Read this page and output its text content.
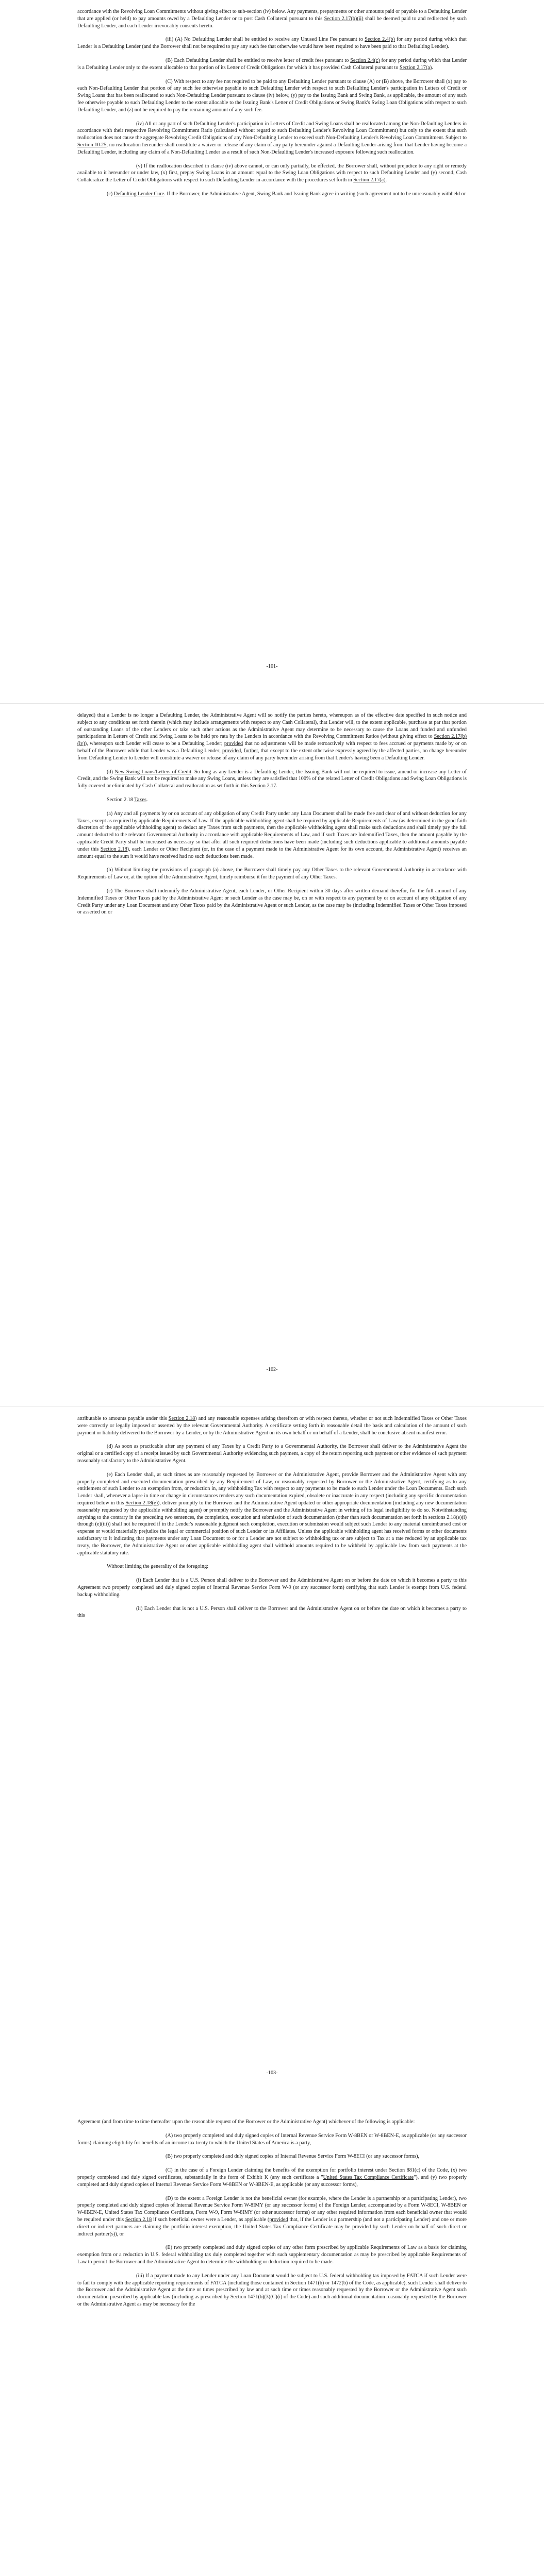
accordance with the Revolving Loan Commitments without giving effect to sub-section (iv) below. Any payments, prepayments or other amounts paid or payable to a Defaulting Lender that are applied (or held) to pay amounts owed by a Defaulting Lender or to post Cash Collateral pursuant to this Section 2.17(b)(ii) shall be deemed paid to and redirected by such Defaulting Lender, and each Lender irrevocably consents hereto.

(iii) (A) No Defaulting Lender shall be entitled to receive any Unused Line Fee pursuant to Section 2.4(b) for any period during which that Lender is a Defaulting Lender (and the Borrower shall not be required to pay any such fee that otherwise would have been required to have been paid to that Defaulting Lender).

(B) Each Defaulting Lender shall be entitled to receive letter of credit fees pursuant to Section 2.4(c) for any period during which that Lender is a Defaulting Lender only to the extent allocable to that portion of its Letter of Credit Obligations for which it has provided Cash Collateral pursuant to Section 2.17(a).

(C) With respect to any fee not required to be paid to any Defaulting Lender pursuant to clause (A) or (B) above, the Borrower shall (x) pay to each Non-Defaulting Lender that portion of any such fee otherwise payable to such Defaulting Lender with respect to such Defaulting Lender's participation in Letters of Credit or Swing Loans that has been reallocated to such Non-Defaulting Lender pursuant to clause (iv) below, (y) pay to the Issuing Bank and Swing Bank, as applicable, the amount of any such fee otherwise payable to such Defaulting Lender to the extent allocable to the Issuing Bank's Letter of Credit Obligations or Swing Bank's Swing Loan Obligations with respect to such Defaulting Lender, and (z) not be required to pay the remaining amount of any such fee.

(iv) All or any part of such Defaulting Lender's participation in Letters of Credit and Swing Loans shall be reallocated among the Non-Defaulting Lenders in accordance with their respective Revolving Commitment Ratio (calculated without regard to such Defaulting Lender's Revolving Loan Commitment) but only to the extent that such reallocation does not cause the aggregate Revolving Credit Obligations of any Non-Defaulting Lender to exceed such Non-Defaulting Lender's Revolving Loan Commitment. Subject to Section 10.25, no reallocation hereunder shall constitute a waiver or release of any claim of any party hereunder against a Defaulting Lender arising from that Lender having become a Defaulting Lender, including any claim of a Non-Defaulting Lender as a result of such Non-Defaulting Lender's increased exposure following such reallocation.

(v) If the reallocation described in clause (iv) above cannot, or can only partially, be effected, the Borrower shall, without prejudice to any right or remedy available to it hereunder or under law, (x) first, prepay Swing Loans in an amount equal to the Swing Loan Obligations with respect to such Defaulting Lender and (y) second, Cash Collateralize the Letter of Credit Obligations with respect to such Defaulting Lender in accordance with the procedures set forth in Section 2.17(a).

(c) Defaulting Lender Cure. If the Borrower, the Administrative Agent, Swing Bank and Issuing Bank agree in writing (such agreement not to be unreasonably withheld or

-101-

delayed) that a Lender is no longer a Defaulting Lender, the Administrative Agent will so notify the parties hereto, whereupon as of the effective date specified in such notice and subject to any conditions set forth therein (which may include arrangements with respect to any Cash Collateral), that Lender will, to the extent applicable, purchase at par that portion of outstanding Loans of the other Lenders or take such other actions as the Administrative Agent may determine to be necessary to cause the Loans and funded and unfunded participations in Letters of Credit and Swing Loans to be held pro rata by the Lenders in accordance with the Revolving Commitment Ratios (without giving effect to Section 2.17(b)(iv)), whereupon such Lender will cease to be a Defaulting Lender; provided that no adjustments will be made retroactively with respect to fees accrued or payments made by or on behalf of the Borrower while that Lender was a Defaulting Lender; provided, further, that except to the extent otherwise expressly agreed by the affected parties, no change hereunder from Defaulting Lender to Lender will constitute a waiver or release of any claim of any party hereunder arising from that Lender's having been a Defaulting Lender.

(d) New Swing Loans/Letters of Credit. So long as any Lender is a Defaulting Lender, the Issuing Bank will not be required to issue, amend or increase any Letter of Credit, and the Swing Bank will not be required to make any Swing Loans, unless they are satisfied that 100% of the related Letter of Credit Obligations and Swing Loan Obligations is fully covered or eliminated by Cash Collateral and reallocation as set forth in this Section 2.17.

Section 2.18 Taxes.

(a) Any and all payments by or on account of any obligation of any Credit Party under any Loan Document shall be made free and clear of and without deduction for any Taxes, except as required by applicable Requirements of Law. If the applicable withholding agent shall be required by applicable Requirements of Law (as determined in the good faith discretion of the applicable withholding agent) to deduct any Taxes from such payments, then the applicable withholding agent shall make such deductions and shall timely pay the full amount deducted to the relevant Governmental Authority in accordance with applicable Requirements of Law, and if such Taxes are Indemnified Taxes, then the amount payable by the applicable Credit Party shall be increased as necessary so that after all such required deductions have been made (including such deductions applicable to additional amounts payable under this Section 2.18), each Lender or Other Recipient (or, in the case of a payment made to the Administrative Agent for its own account, the Administrative Agent) receives an amount equal to the sum it would have received had no such deductions been made.

(b) Without limiting the provisions of paragraph (a) above, the Borrower shall timely pay any Other Taxes to the relevant Governmental Authority in accordance with Requirements of Law or, at the option of the Administrative Agent, timely reimburse it for the payment of any Other Taxes.

(c) The Borrower shall indemnify the Administrative Agent, each Lender, or Other Recipient within 30 days after written demand therefor, for the full amount of any Indemnified Taxes or Other Taxes paid by the Administrative Agent or such Lender as the case may be, on or with respect to any payment by or on account of any obligation of any Credit Party under any Loan Document and any Other Taxes paid by the Administrative Agent or such Lender, as the case may be (including Indemnified Taxes or Other Taxes imposed or asserted on or

-102-

attributable to amounts payable under this Section 2.18) and any reasonable expenses arising therefrom or with respect thereto, whether or not such Indemnified Taxes or Other Taxes were correctly or legally imposed or asserted by the relevant Governmental Authority. A certificate setting forth in reasonable detail the basis and calculation of the amount of such payment or liability delivered to the Borrower by a Lender, or by the Administrative Agent on its own behalf or on behalf of a Lender, shall be conclusive absent manifest error.

(d) As soon as practicable after any payment of any Taxes by a Credit Party to a Governmental Authority, the Borrower shall deliver to the Administrative Agent the original or a certified copy of a receipt issued by such Governmental Authority evidencing such payment, a copy of the return reporting such payment or other evidence of such payment reasonably satisfactory to the Administrative Agent.

(e) Each Lender shall, at such times as are reasonably requested by Borrower or the Administrative Agent, provide Borrower and the Administrative Agent with any properly completed and executed documentation prescribed by any Requirement of Law, or reasonably requested by Borrower or the Administrative Agent, certifying as to any entitlement of such Lender to an exemption from, or reduction in, any withholding Tax with respect to any payments to be made to such Lender under the Loan Documents. Each such Lender shall, whenever a lapse in time or change in circumstances renders any such documentation expired, obsolete or inaccurate in any respect (including any specific documentation required below in this Section 2.18(e)), deliver promptly to the Borrower and the Administrative Agent updated or other appropriate documentation (including any new documentation reasonably requested by the applicable withholding agent) or promptly notify the Borrower and the Administrative Agent in writing of its legal ineligibility to do so. Notwithstanding anything to the contrary in the preceding two sentences, the completion, execution and submission of such documentation (other than such documentation set forth in sections 2.18(e)(i) through (e)(iii)) shall not be required if in the Lender's reasonable judgment such completion, execution or submission would subject such Lender to any material unreimbursed cost or expense or would materially prejudice the legal or commercial position of such Lender or its Affiliates. Unless the applicable withholding agent has received forms or other documents satisfactory to it indicating that payments under any Loan Document to or for a Lender are not subject to withholding tax or are subject to Tax at a rate reduced by an applicable tax treaty, the Borrower, the Administrative Agent or other applicable withholding agent shall withhold amounts required to be withheld by applicable law from such payments at the applicable statutory rate.

Without limiting the generality of the foregoing:

(i) Each Lender that is a U.S. Person shall deliver to the Borrower and the Administrative Agent on or before the date on which it becomes a party to this Agreement two properly completed and duly signed copies of Internal Revenue Service Form W-9 (or any successor form) certifying that such Lender is exempt from U.S. federal backup withholding.

(ii) Each Lender that is not a U.S. Person shall deliver to the Borrower and the Administrative Agent on or before the date on which it becomes a party to this

-103-

Agreement (and from time to time thereafter upon the reasonable request of the Borrower or the Administrative Agent) whichever of the following is applicable:

(A) two properly completed and duly signed copies of Internal Revenue Service Form W-8BEN or W-8BEN-E, as applicable (or any successor forms) claiming eligibility for benefits of an income tax treaty to which the United States of America is a party,

(B) two properly completed and duly signed copies of Internal Revenue Service Form W-8ECI (or any successor forms),

(C) in the case of a Foreign Lender claiming the benefits of the exemption for portfolio interest under Section 881(c) of the Code, (x) two properly completed and duly signed certificates, substantially in the form of Exhibit K (any such certificate a "United States Tax Compliance Certificate"), and (y) two properly completed and duly signed copies of Internal Revenue Service Form W-8BEN or W-8BEN-E, as applicable (or any successor forms),

(D) to the extent a Foreign Lender is not the beneficial owner (for example, where the Lender is a partnership or a participating Lender), two properly completed and duly signed copies of Internal Revenue Service Form W-8IMY (or any successor forms) of the Foreign Lender, accompanied by a Form W-8ECI, W-8BEN or W-8BEN-E, United States Tax Compliance Certificate, Form W-9, Form W-8IMY (or other successor forms) or any other required information from each beneficial owner that would be required under this Section 2.18 if such beneficial owner were a Lender, as applicable (provided that, if the Lender is a partnership (and not a participating Lender) and one or more direct or indirect partners are claiming the portfolio interest exemption, the United States Tax Compliance Certificate may be provided by such Lender on behalf of such direct or indirect partner(s)), or

(E) two properly completed and duly signed copies of any other form prescribed by applicable Requirements of Law as a basis for claiming exemption from or a reduction in U.S. federal withholding tax duly completed together with such supplementary documentation as may be prescribed by applicable Requirements of Law to permit the Borrower and the Administrative Agent to determine the withholding or deduction required to be made.

(iii) If a payment made to any Lender under any Loan Document would be subject to U.S. federal withholding tax imposed by FATCA if such Lender were to fail to comply with the applicable reporting requirements of FATCA (including those contained in Section 1471(b) or 1472(b) of the Code, as applicable), such Lender shall deliver to the Borrower and the Administrative Agent at the time or times prescribed by law and at such time or times reasonably requested by the Borrower or the Administrative Agent such documentation prescribed by applicable law (including as prescribed by Section 1471(b)(3)(C)(i) of the Code) and such additional documentation reasonably requested by the Borrower or the Administrative Agent as may be necessary for the
